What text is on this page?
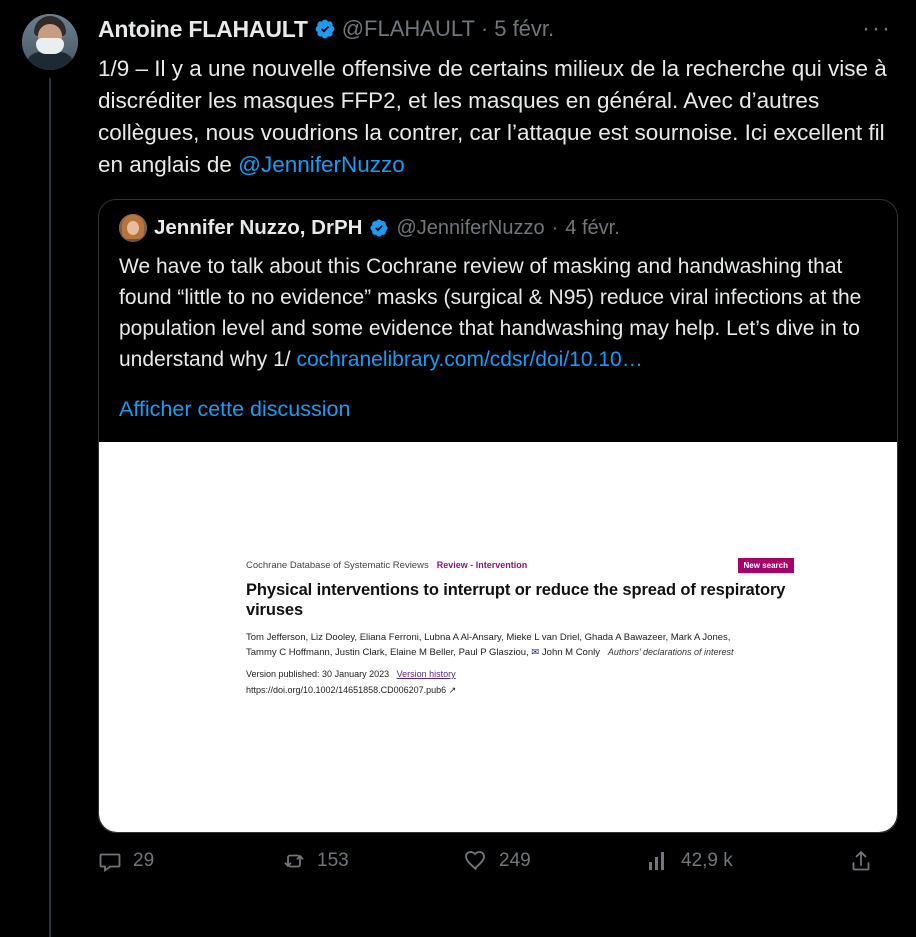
Antoine FLAHAULT @FLAHAULT · 5 févr.	···
1/9 – Il y a une nouvelle offensive de certains milieux de la recherche qui vise à discréditer les masques FFP2, et les masques en général. Avec d’autres collègues, nous voudrions la contrer, car l’attaque est sournoise. Ici excellent fil en anglais de @JenniferNuzzo
Jennifer Nuzzo, DrPH @JenniferNuzzo · 4 févr.
We have to talk about this Cochrane review of masking and handwashing that found “little to no evidence” masks (surgical & N95) reduce viral infections at the population level and some evidence that handwashing may help. Let’s dive in to understand why 1/ cochranelibrary.com/cdsr/doi/10.10…
Afficher cette discussion
Cochrane Database of Systematic Reviews Review - Intervention	New search
Physical interventions to interrupt or reduce the spread of respiratory viruses
Tom Jefferson, Liz Dooley, Eliana Ferroni, Lubna A Al-Ansary, Mieke L van Driel, Ghada A Bawazeer, Mark A Jones,
Tammy C Hoffmann, Justin Clark, Elaine M Beller, Paul P Glasziou, ✉ John M Conly Authors’ declarations of interest
Version published: 30 January 2023 Version history
https://doi.org/10.1002/14651858.CD006207.pub6 ↗
29	153	249	42,9 k
